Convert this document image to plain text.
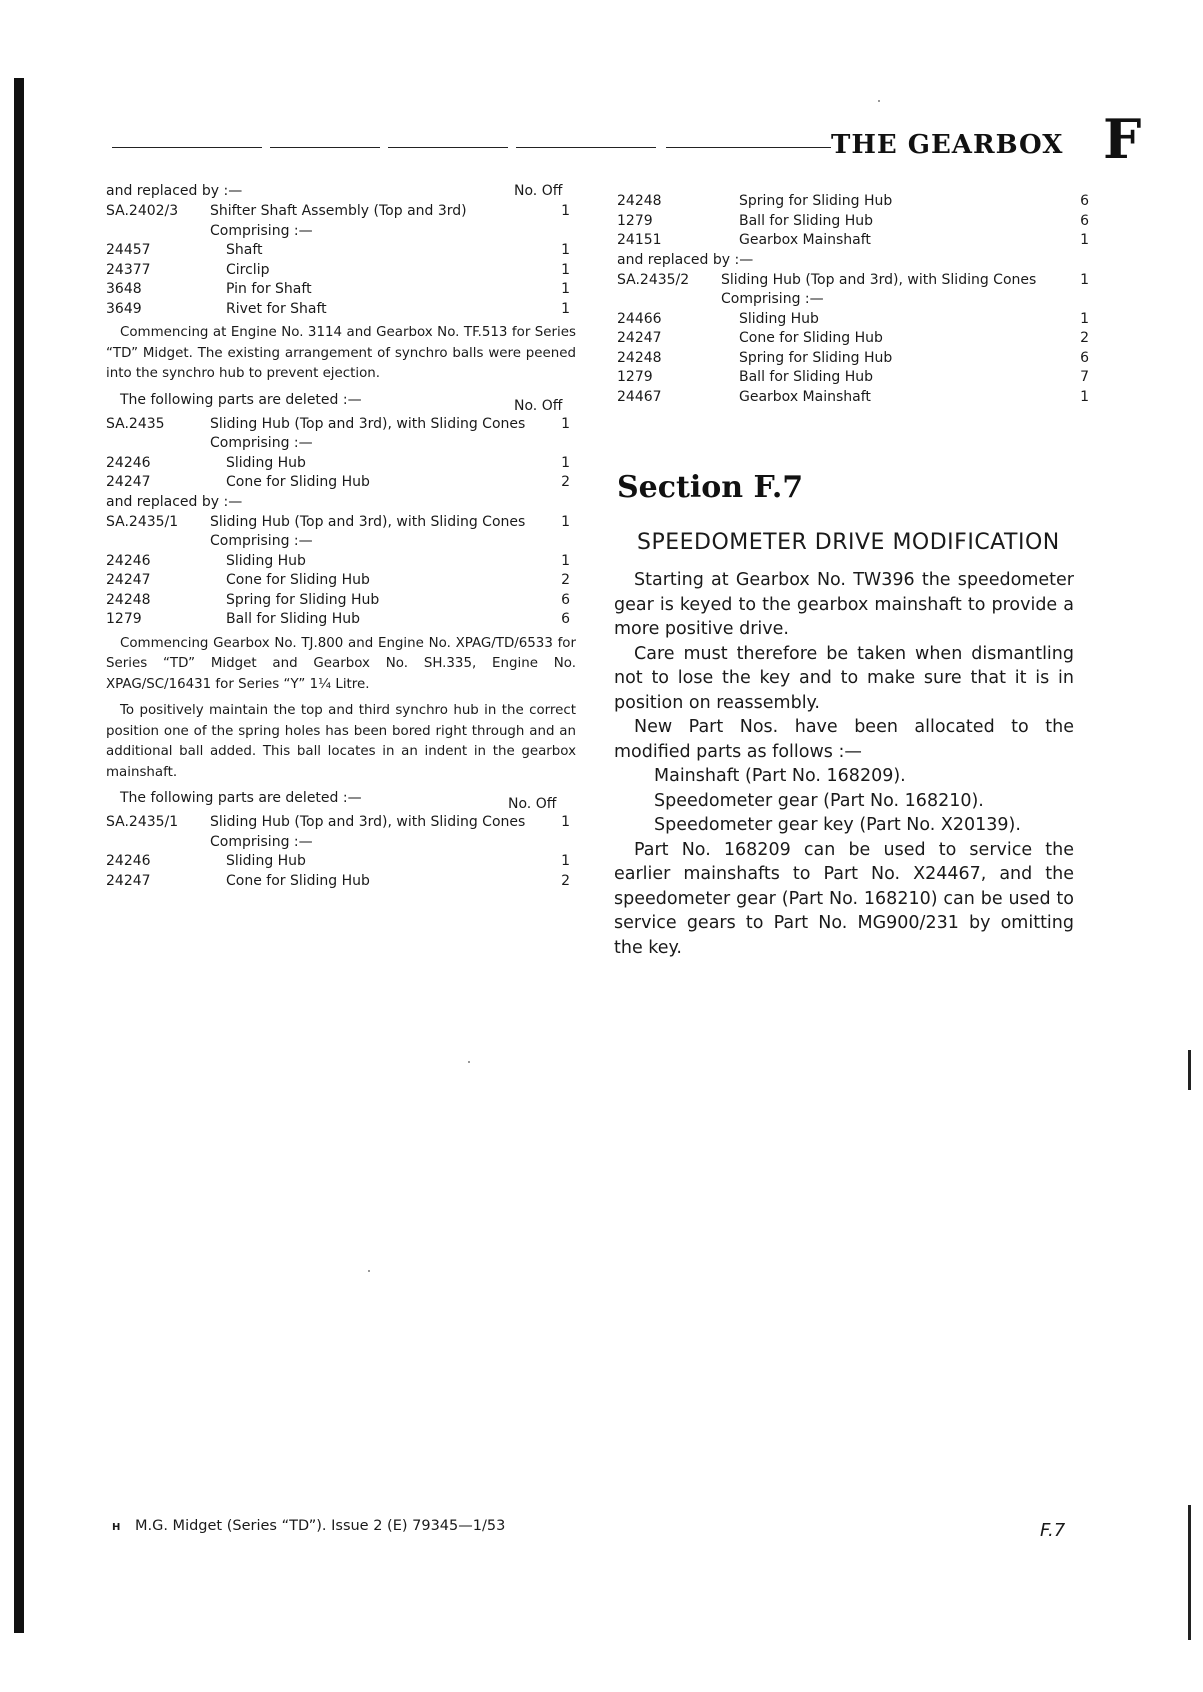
THE GEARBOX F
and replaced by :—	No. Off
SA.2402/3 Shifter Shaft Assembly (Top and 3rd)	1
Comprising :—
24457	Shaft	1
24377	Circlip	1
3648	Pin for Shaft	1
3649	Rivet for Shaft	1

Commencing at Engine No. 3114 and Gearbox No. TF.513 for Series “TD” Midget. The existing arrangement of synchro balls were peened into the synchro hub to prevent ejection.

The following parts are deleted :—	No. Off
SA.2435	Sliding Hub (Top and 3rd), with Sliding Cones	1
Comprising :—
24246	Sliding Hub	1
24247	Cone for Sliding Hub	2
and replaced by :—
SA.2435/1 Sliding Hub (Top and 3rd), with Sliding Cones	1
Comprising :—
24246	Sliding Hub	1
24247	Cone for Sliding Hub	2
24248	Spring for Sliding Hub	6
1279	Ball for Sliding Hub	6

Commencing Gearbox No. TJ.800 and Engine No. XPAG/TD/6533 for Series “TD” Midget and Gearbox No. SH.335, Engine No. XPAG/SC/16431 for Series “Y” 1¼ Litre.

To positively maintain the top and third synchro hub in the correct position one of the spring holes has been bored right through and an additional ball added. This ball locates in an indent in the gearbox mainshaft.

The following parts are deleted :—	No. Off
SA.2435/1 Sliding Hub (Top and 3rd), with Sliding Cones	1
Comprising :—
24246	Sliding Hub	1
24247	Cone for Sliding Hub	2
24248	Spring for Sliding Hub	6
1279	Ball for Sliding Hub	6
24151	Gearbox Mainshaft	1
and replaced by :—
SA.2435/2 Sliding Hub (Top and 3rd), with Sliding Cones	1
Comprising :—
24466	Sliding Hub	1
24247	Cone for Sliding Hub	2
24248	Spring for Sliding Hub	6
1279	Ball for Sliding Hub	7
24467	Gearbox Mainshaft	1
Section F.7
SPEEDOMETER DRIVE MODIFICATION

Starting at Gearbox No. TW396 the speedometer gear is keyed to the gearbox mainshaft to provide a more positive drive.

Care must therefore be taken when dismantling not to lose the key and to make sure that it is in position on reassembly.

New Part Nos. have been allocated to the modified parts as follows :—

Mainshaft (Part No. 168209).

Speedometer gear (Part No. 168210).

Speedometer gear key (Part No. X20139).

Part No. 168209 can be used to service the earlier mainshafts to Part No. X24467, and the speedometer gear (Part No. 168210) can be used to service gears to Part No. MG900/231 by omitting the key.

H M.G. Midget (Series “TD”). Issue 2 (E) 79345—1/53	F.7
